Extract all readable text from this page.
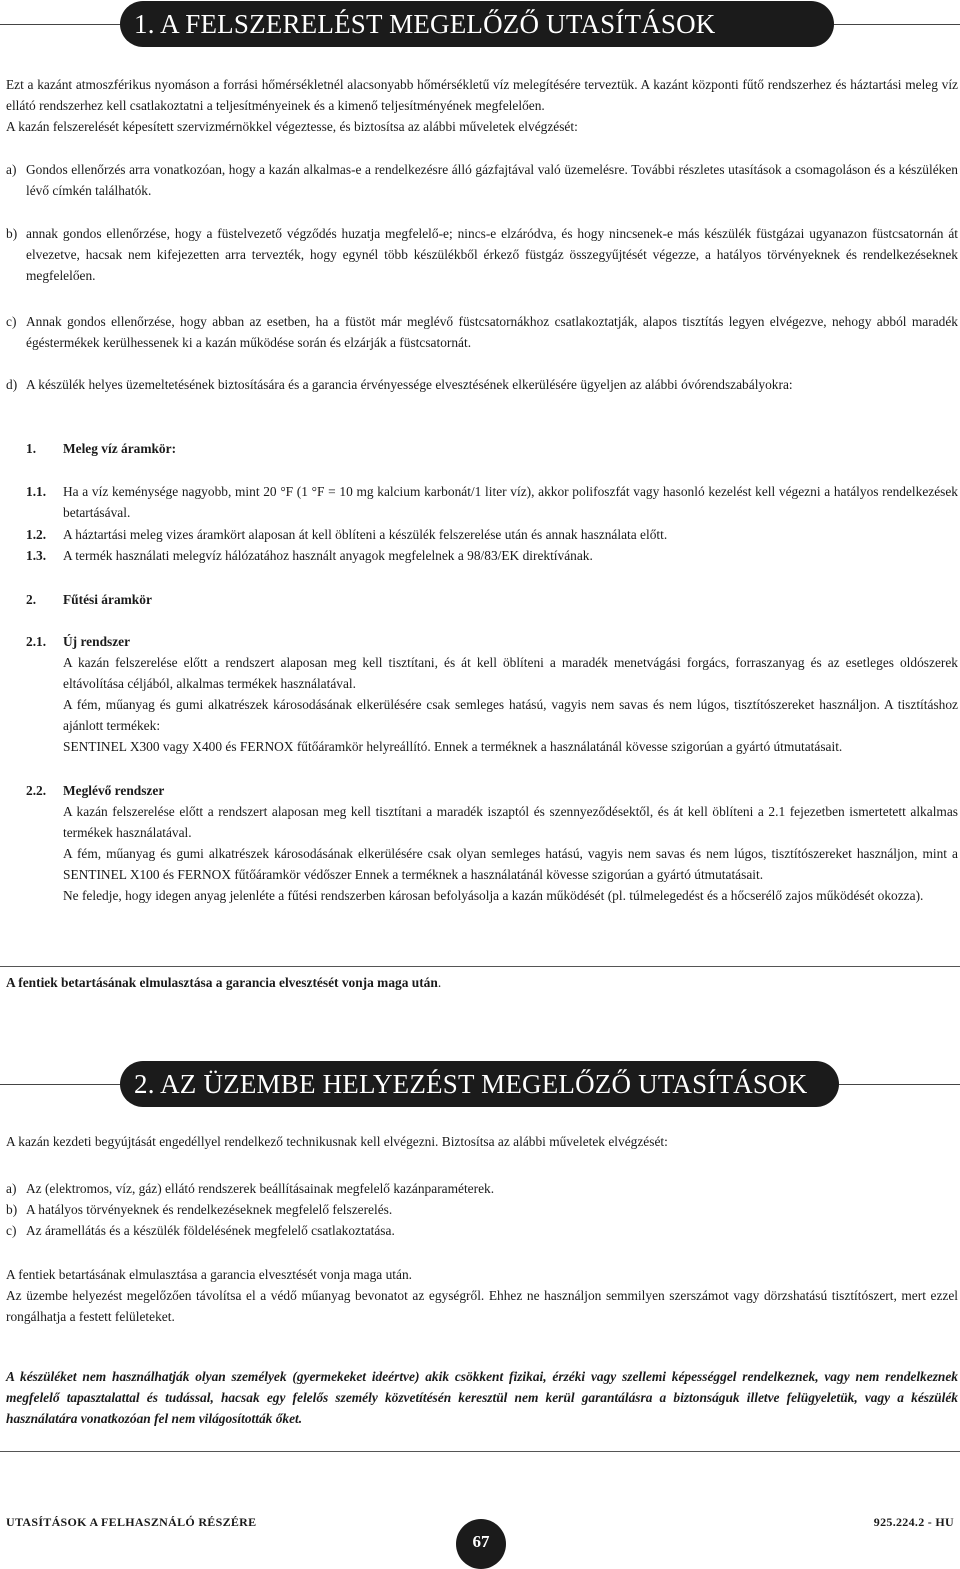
1. A FELSZERELÉST MEGELŐZŐ UTASÍTÁSOK

Ezt a kazánt atmoszférikus nyomáson a forrási hőmérsékletnél alacsonyabb hőmérsékletű víz melegítésére terveztük. A kazánt központi fűtő rendszerhez és háztartási meleg víz ellátó rendszerhez kell csatlakoztatni a teljesítményeinek és a kimenő teljesítményének megfelelően.

A kazán felszerelését képesített szervizmérnökkel végeztesse, és biztosítsa az alábbi műveletek elvégzését:

a) Gondos ellenőrzés arra vonatkozóan, hogy a kazán alkalmas-e a rendelkezésre álló gázfajtával való üzemelésre. További részletes utasítások a csomagoláson és a készüléken lévő címkén találhatók.
b) annak gondos ellenőrzése, hogy a füstelvezető végződés huzatja megfelelő-e; nincs-e elzáródva, és hogy nincsenek-e más készülék füstgázai ugyanazon füstcsatornán át elvezetve, hacsak nem kifejezetten arra tervezték, hogy egynél több készülékből érkező füstgáz összegyűjtését végezze, a hatályos törvényeknek és rendelkezéseknek megfelelően.
c) Annak gondos ellenőrzése, hogy abban az esetben, ha a füstöt már meglévő füstcsatornákhoz csatlakoztatják, alapos tisztítás legyen elvégezve, nehogy abból maradék égéstermékek kerülhessenek ki a kazán működése során és elzárják a füstcsatornát.
d) A készülék helyes üzemeltetésének biztosítására és a garancia érvényessége elvesztésének elkerülésére ügyeljen az alábbi óvórendszabályokra:
1. Meleg víz áramkör:
1.1. Ha a víz keménysége nagyobb, mint 20 °F (1 °F = 10 mg kalcium karbonát/1 liter víz), akkor polifoszfát vagy hasonló kezelést kell végezni a hatályos rendelkezések betartásával.
1.2. A háztartási meleg vizes áramkört alaposan át kell öblíteni a készülék felszerelése után és annak használata előtt.
1.3. A termék használati melegvíz hálózatához használt anyagok megfelelnek a 98/83/EK direktívának.
2. Fűtési áramkör
2.1. Új rendszer

A kazán felszerelése előtt a rendszert alaposan meg kell tisztítani, és át kell öblíteni a maradék menetvágási forgács, forraszanyag és az esetleges oldószerek eltávolítása céljából, alkalmas termékek használatával.

A fém, műanyag és gumi alkatrészek károsodásának elkerülésére csak semleges hatású, vagyis nem savas és nem lúgos, tisztítószereket használjon. A tisztításhoz ajánlott termékek:

SENTINEL X300 vagy X400 és FERNOX fűtőáramkör helyreállító. Ennek a terméknek a használatánál kövesse szigorúan a gyártó útmutatásait.

2.2. Meglévő rendszer

A kazán felszerelése előtt a rendszert alaposan meg kell tisztítani a maradék iszaptól és szennyeződésektől, és át kell öblíteni a 2.1 fejezetben ismertetett alkalmas termékek használatával.

A fém, műanyag és gumi alkatrészek károsodásának elkerülésére csak olyan semleges hatású, vagyis nem savas és nem lúgos, tisztítószereket használjon, mint a SENTINEL X100 és FERNOX fűtőáramkör védőszer Ennek a terméknek a használatánál kövesse szigorúan a gyártó útmutatásait.

Ne feledje, hogy idegen anyag jelenléte a fűtési rendszerben károsan befolyásolja a kazán működését (pl. túlmelegedést és a hőcserélő zajos működését okozza).

A fentiek betartásának elmulasztása a garancia elvesztését vonja maga után.
2. AZ ÜZEMBE HELYEZÉST MEGELŐZŐ UTASÍTÁSOK
A kazán kezdeti begyújtását engedéllyel rendelkező technikusnak kell elvégezni. Biztosítsa az alábbi műveletek elvégzését:
a) Az (elektromos, víz, gáz) ellátó rendszerek beállításainak megfelelő kazánparaméterek.
b) A hatályos törvényeknek és rendelkezéseknek megfelelő felszerelés.
c) Az áramellátás és a készülék földelésének megfelelő csatlakoztatása.

A fentiek betartásának elmulasztása a garancia elvesztését vonja maga után.

Az üzembe helyezést megelőzően távolítsa el a védő műanyag bevonatot az egységről. Ehhez ne használjon semmilyen szerszámot vagy dörzshatású tisztítószert, mert ezzel rongálhatja a festett felületeket.

A készüléket nem használhatják olyan személyek (gyermekeket ideértve) akik csökkent fizikai, érzéki vagy szellemi képességgel rendelkeznek, vagy nem rendelkeznek megfelelő tapasztalattal és tudással, hacsak egy felelős személy közvetítésén keresztül nem kerül garantálásra a biztonságuk illetve felügyeletük, vagy a készülék használatára vonatkozóan fel nem világosították őket.
UTASÍTÁSOK A FELHASZNÁLÓ RÉSZÉRE
67
925.224.2 - HU
